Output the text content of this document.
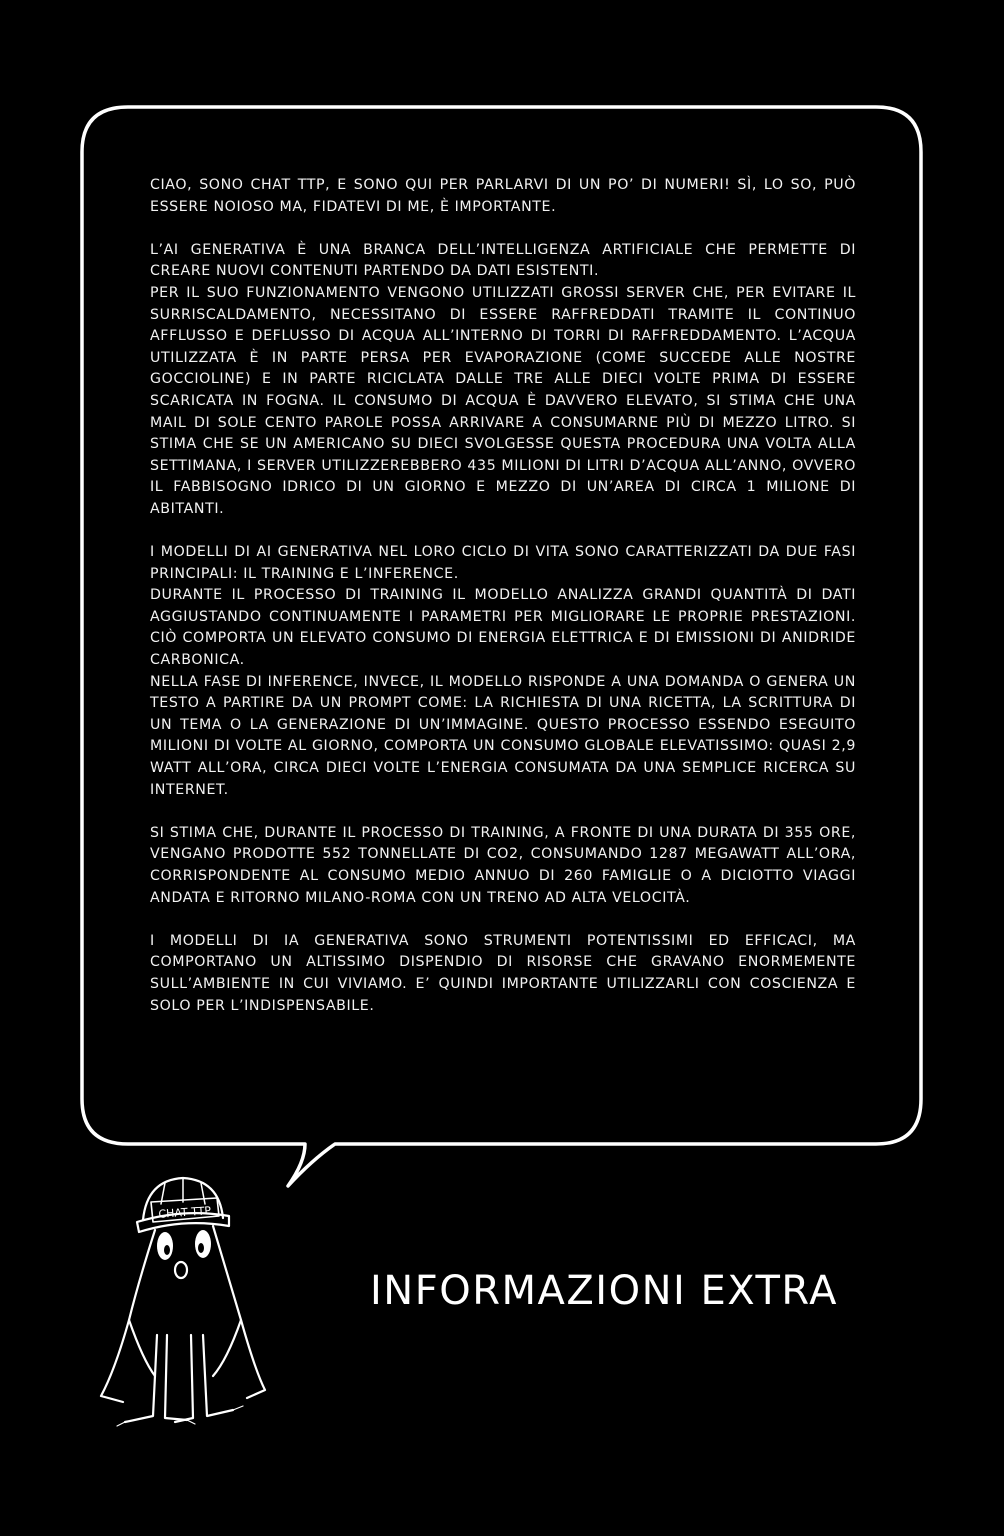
CIAO, SONO CHAT TTP, E SONO QUI PER PARLARVI DI UN PO’ DI NUMERI! SÌ, LO SO, PUÒ ESSERE NOIOSO MA, FIDATEVI DI ME, È IMPORTANTE.

L’AI GENERATIVA È UNA BRANCA DELL’INTELLIGENZA ARTIFICIALE CHE PERMETTE DI CREARE NUOVI CONTENUTI PARTENDO DA DATI ESISTENTI.

PER IL SUO FUNZIONAMENTO VENGONO UTILIZZATI GROSSI SERVER CHE, PER EVITARE IL SURRISCALDAMENTO, NECESSITANO DI ESSERE RAFFREDDATI TRAMITE IL CONTINUO AFFLUSSO E DEFLUSSO DI ACQUA ALL’INTERNO DI TORRI DI RAFFREDDAMENTO. L’ACQUA UTILIZZATA È IN PARTE PERSA PER EVAPORAZIONE (COME SUCCEDE ALLE NOSTRE GOCCIOLINE) E IN PARTE RICICLATA DALLE TRE ALLE DIECI VOLTE PRIMA DI ESSERE SCARICATA IN FOGNA. IL CONSUMO DI ACQUA È DAVVERO ELEVATO, SI STIMA CHE UNA MAIL DI SOLE CENTO PAROLE POSSA ARRIVARE A CONSUMARNE PIÙ DI MEZZO LITRO. SI STIMA CHE SE UN AMERICANO SU DIECI SVOLGESSE QUESTA PROCEDURA UNA VOLTA ALLA SETTIMANA, I SERVER UTILIZZEREBBERO 435 MILIONI DI LITRI D’ACQUA ALL’ANNO, OVVERO IL FABBISOGNO IDRICO DI UN GIORNO E MEZZO DI UN’AREA DI CIRCA 1 MILIONE DI ABITANTI.

I MODELLI DI AI GENERATIVA NEL LORO CICLO DI VITA SONO CARATTERIZZATI DA DUE FASI PRINCIPALI: IL TRAINING E L’INFERENCE.

DURANTE IL PROCESSO DI TRAINING IL MODELLO ANALIZZA GRANDI QUANTITÀ DI DATI AGGIUSTANDO CONTINUAMENTE I PARAMETRI PER MIGLIORARE LE PROPRIE PRESTAZIONI. CIÒ COMPORTA UN ELEVATO CONSUMO DI ENERGIA ELETTRICA E DI EMISSIONI DI ANIDRIDE CARBONICA.

NELLA FASE DI INFERENCE, INVECE, IL MODELLO RISPONDE A UNA DOMANDA O GENERA UN TESTO A PARTIRE DA UN PROMPT COME: LA RICHIESTA DI UNA RICETTA, LA SCRITTURA DI UN TEMA O LA GENERAZIONE DI UN’IMMAGINE. QUESTO PROCESSO ESSENDO ESEGUITO MILIONI DI VOLTE AL GIORNO, COMPORTA UN CONSUMO GLOBALE ELEVATISSIMO: QUASI 2,9 WATT ALL’ORA, CIRCA DIECI VOLTE L’ENERGIA CONSUMATA DA UNA SEMPLICE RICERCA SU INTERNET.

SI STIMA CHE, DURANTE IL PROCESSO DI TRAINING, A FRONTE DI UNA DURATA DI 355 ORE, VENGANO PRODOTTE 552 TONNELLATE DI CO2, CONSUMANDO 1287 MEGAWATT ALL’ORA, CORRISPONDENTE AL CONSUMO MEDIO ANNUO DI 260 FAMIGLIE O A DICIOTTO VIAGGI ANDATA E RITORNO MILANO-ROMA CON UN TRENO AD ALTA VELOCITÀ.

I MODELLI DI IA GENERATIVA SONO STRUMENTI POTENTISSIMI ED EFFICACI, MA COMPORTANO UN ALTISSIMO DISPENDIO DI RISORSE CHE GRAVANO ENORMEMENTE SULL’AMBIENTE IN CUI VIVIAMO. E’ QUINDI IMPORTANTE UTILIZZARLI CON COSCIENZA E SOLO PER L’INDISPENSABILE.

CHAT TTP
INFORMAZIONI EXTRA
